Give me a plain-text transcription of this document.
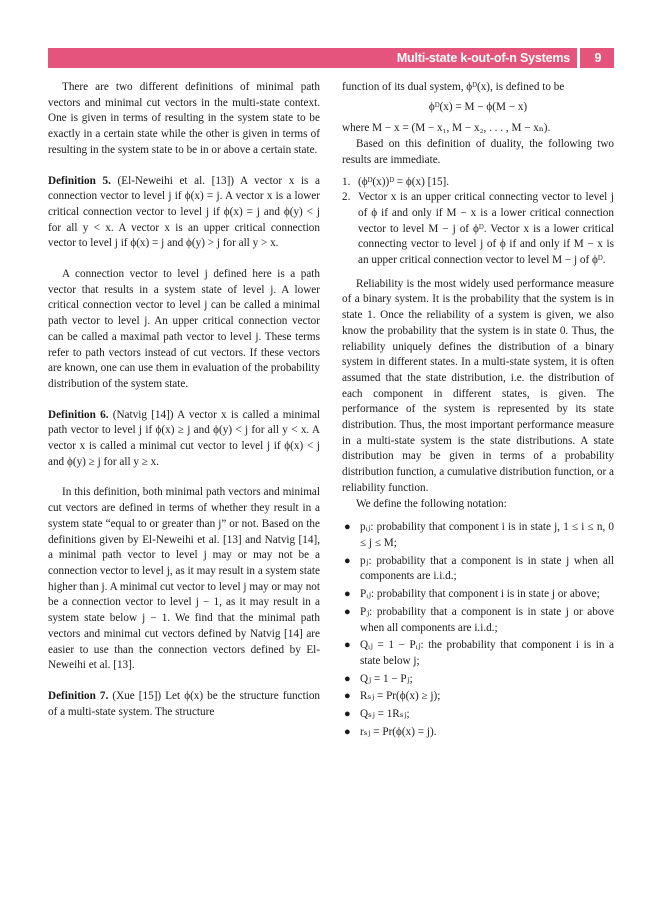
Multi-state k-out-of-n Systems	9

There are two different definitions of minimal path vectors and minimal cut vectors in the multi-state context. One is given in terms of resulting in the system state to be exactly in a certain state while the other is given in terms of resulting in the system state to be in or above a certain state.

Definition 5. (El-Neweihi et al. [13]) A vector x is a connection vector to level j if ϕ(x) = j. A vector x is a lower critical connection vector to level j if ϕ(x) = j and ϕ(y) < j for all y < x. A vector x is an upper critical connection vector to level j if ϕ(x) = j and ϕ(y) > j for all y > x.

A connection vector to level j defined here is a path vector that results in a system state of level j. A lower critical connection vector to level j can be called a minimal path vector to level j. An upper critical connection vector can be called a maximal path vector to level j. These terms refer to path vectors instead of cut vectors. If these vectors are known, one can use them in evaluation of the probability distribution of the system state.

Definition 6. (Natvig [14]) A vector x is called a minimal path vector to level j if ϕ(x) ≥ j and ϕ(y) < j for all y < x. A vector x is called a minimal cut vector to level j if ϕ(x) < j and ϕ(y) ≥ j for all y ≥ x.

In this definition, both minimal path vectors and minimal cut vectors are defined in terms of whether they result in a system state “equal to or greater than j” or not. Based on the definitions given by El-Neweihi et al. [13] and Natvig [14], a minimal path vector to level j may or may not be a connection vector to level j, as it may result in a system state higher than j. A minimal cut vector to level j may or may not be a connection vector to level j − 1, as it may result in a system state below j − 1. We find that the minimal path vectors and minimal cut vectors defined by Natvig [14] are easier to use than the connection vectors defined by El-Neweihi et al. [13].

Definition 7. (Xue [15]) Let ϕ(x) be the structure function of a multi-state system. The structure

function of its dual system, ϕᴰ(x), is defined to be

ϕᴰ(x) = M − ϕ(M − x)

where M − x = (M − x₁, M − x₂, . . . , M − xₙ).

Based on this definition of duality, the following two results are immediate.

1. (ϕᴰ(x))ᴰ = ϕ(x) [15].
2. Vector x is an upper critical connecting vector to level j of ϕ if and only if M − x is a lower critical connection vector to level M − j of ϕᴰ. Vector x is a lower critical connecting vector to level j of ϕ if and only if M − x is an upper critical connection vector to level M − j of ϕᴰ.

Reliability is the most widely used performance measure of a binary system. It is the probability that the system is in state 1. Once the reliability of a system is given, we also know the probability that the system is in state 0. Thus, the reliability uniquely defines the distribution of a binary system in different states. In a multi-state system, it is often assumed that the state distribution, i.e. the distribution of each component in different states, is given. The performance of the system is represented by its state distribution. Thus, the most important performance measure in a multi-state system is the state distributions. A state distribution may be given in terms of a probability distribution function, a cumulative distribution function, or a reliability function.

We define the following notation:

● pᵢⱼ: probability that component i is in state j, 1 ≤ i ≤ n, 0 ≤ j ≤ M;
● pⱼ: probability that a component is in state j when all components are i.i.d.;
● Pᵢⱼ: probability that component i is in state j or above;
● Pⱼ: probability that a component is in state j or above when all components are i.i.d.;
● Qᵢⱼ = 1 − Pᵢⱼ: the probability that component i is in a state below j;
● Qⱼ = 1 − Pⱼ;
● Rₛⱼ = Pr(ϕ(x) ≥ j);
● Qₛⱼ = 1Rₛⱼ;
● rₛⱼ = Pr(ϕ(x) = j).
